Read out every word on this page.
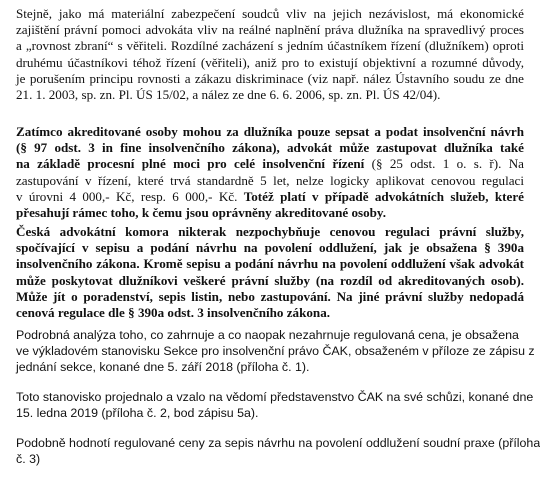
Stejně, jako má materiální zabezpečení soudců vliv na jejich nezávislost, má ekonomické
zajištění právní pomoci advokáta vliv na reálné naplnění práva dlužníka na spravedlivý proces
a „rovnost zbraní“ s věřiteli. Rozdílné zacházení s jedním účastníkem řízení (dlužníkem) oproti
druhému účastníkovi téhož řízení (věřiteli), aniž pro to existují objektivní a rozumné důvody,
je porušením principu rovnosti a zákazu diskriminace (viz např. nález Ústavního soudu ze dne
21. 1. 2003, sp. zn. Pl. ÚS 15/02, a nález ze dne 6. 6. 2006, sp. zn. Pl. ÚS 42/04).
Zatímco akreditované osoby mohou za dlužníka pouze sepsat a podat insolvenční návrh
(§ 97 odst. 3 in fine insolvenčního zákona), advokát může zastupovat dlužníka také
na základě procesní plné moci pro celé insolvenční řízení (§ 25 odst. 1 o. s. ř). Na
zastupování v řízení, které trvá standardně 5 let, nelze logicky aplikovat cenovou regulaci
v úrovni 4 000,- Kč, resp. 6 000,- Kč. Totéž platí v případě advokátních služeb, které
přesahují rámec toho, k čemu jsou oprávněny akreditované osoby.
Česká advokátní komora nikterak nezpochybňuje cenovou regulaci právní služby,
spočívající v sepisu a podání návrhu na povolení oddlužení, jak je obsažena § 390a
insolvenčního zákona. Kromě sepisu a podání návrhu na povolení oddlužení však advokát
může poskytovat dlužníkovi veškeré právní služby (na rozdíl od akreditovaných osob).
Může jít o poradenství, sepis listin, nebo zastupování. Na jiné právní služby nedopadá
cenová regulace dle § 390a odst. 3 insolvenčního zákona.
Podrobná analýza toho, co zahrnuje a co naopak nezahrnuje regulovaná cena, je obsažena
ve výkladovém stanovisku Sekce pro insolvenční právo ČAK, obsaženém v příloze ze zápisu z
jednání sekce, konané dne 5. září 2018 (příloha č. 1).
Toto stanovisko projednalo a vzalo na vědomí představenstvo ČAK na své schůzi, konané dne
15. ledna 2019 (příloha č. 2, bod zápisu 5a).
Podobně hodnotí regulované ceny za sepis návrhu na povolení oddlužení soudní praxe (příloha
č. 3)
